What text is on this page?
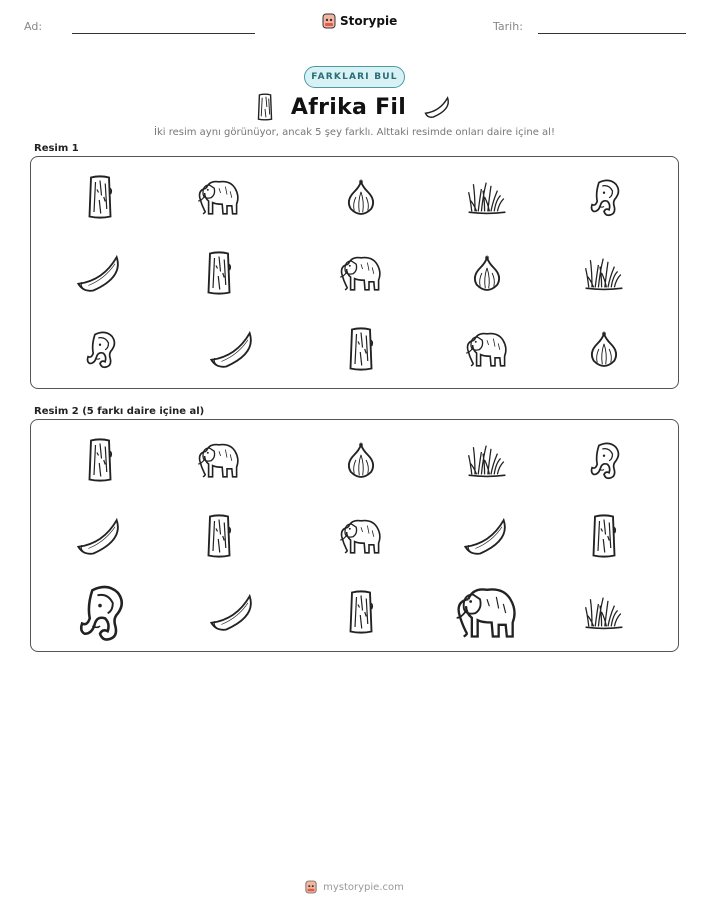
Ad:	Storypie	Tarih:
FARKLARI BUL
Afrika Fil
İki resim aynı görünüyor, ancak 5 şey farklı. Alttaki resimde onları daire içine al!
Resim 1
Resim 2 (5 farkı daire içine al)
mystorypie.com
